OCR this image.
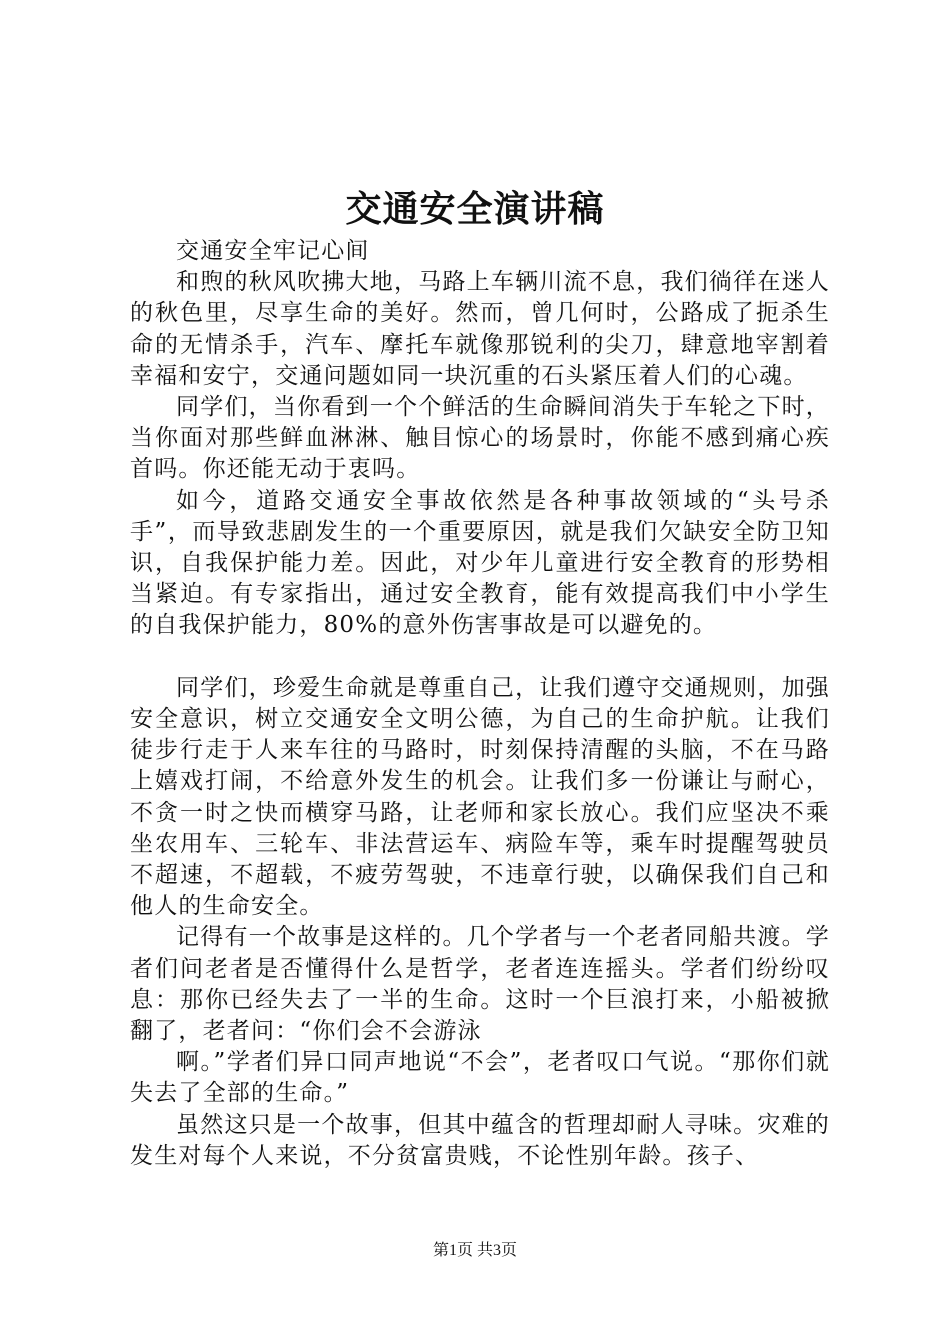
交通安全演讲稿

交通安全牢记心间

和煦的秋风吹拂大地，马路上车辆川流不息，我们徜徉在迷人的秋色里，尽享生命的美好。然而，曾几何时，公路成了扼杀生命的无情杀手，汽车、摩托车就像那锐利的尖刀，肆意地宰割着幸福和安宁，交通问题如同一块沉重的石头紧压着人们的心魂。

同学们，当你看到一个个鲜活的生命瞬间消失于车轮之下时，当你面对那些鲜血淋淋、触目惊心的场景时，你能不感到痛心疾首吗。你还能无动于衷吗。

如今，道路交通安全事故依然是各种事故领域的“头号杀手”，而导致悲剧发生的一个重要原因，就是我们欠缺安全防卫知识，自我保护能力差。因此，对少年儿童进行安全教育的形势相当紧迫。有专家指出，通过安全教育，能有效提高我们中小学生的自我保护能力，80%的意外伤害事故是可以避免的。

同学们，珍爱生命就是尊重自己，让我们遵守交通规则，加强安全意识，树立交通安全文明公德，为自己的生命护航。让我们徒步行走于人来车往的马路时，时刻保持清醒的头脑，不在马路上嬉戏打闹，不给意外发生的机会。让我们多一份谦让与耐心，不贪一时之快而横穿马路，让老师和家长放心。我们应坚决不乘坐农用车、三轮车、非法营运车、病险车等，乘车时提醒驾驶员不超速，不超载，不疲劳驾驶，不违章行驶，以确保我们自己和他人的生命安全。

记得有一个故事是这样的。几个学者与一个老者同船共渡。学者们问老者是否懂得什么是哲学，老者连连摇头。学者们纷纷叹息：那你已经失去了一半的生命。这时一个巨浪打来，小船被掀翻了，老者问：“你们会不会游泳

啊。”学者们异口同声地说“不会”，老者叹口气说。“那你们就失去了全部的生命。”

虽然这只是一个故事，但其中蕴含的哲理却耐人寻味。灾难的发生对每个人来说，不分贫富贵贱，不论性别年龄。孩子、

第1页 共3页
